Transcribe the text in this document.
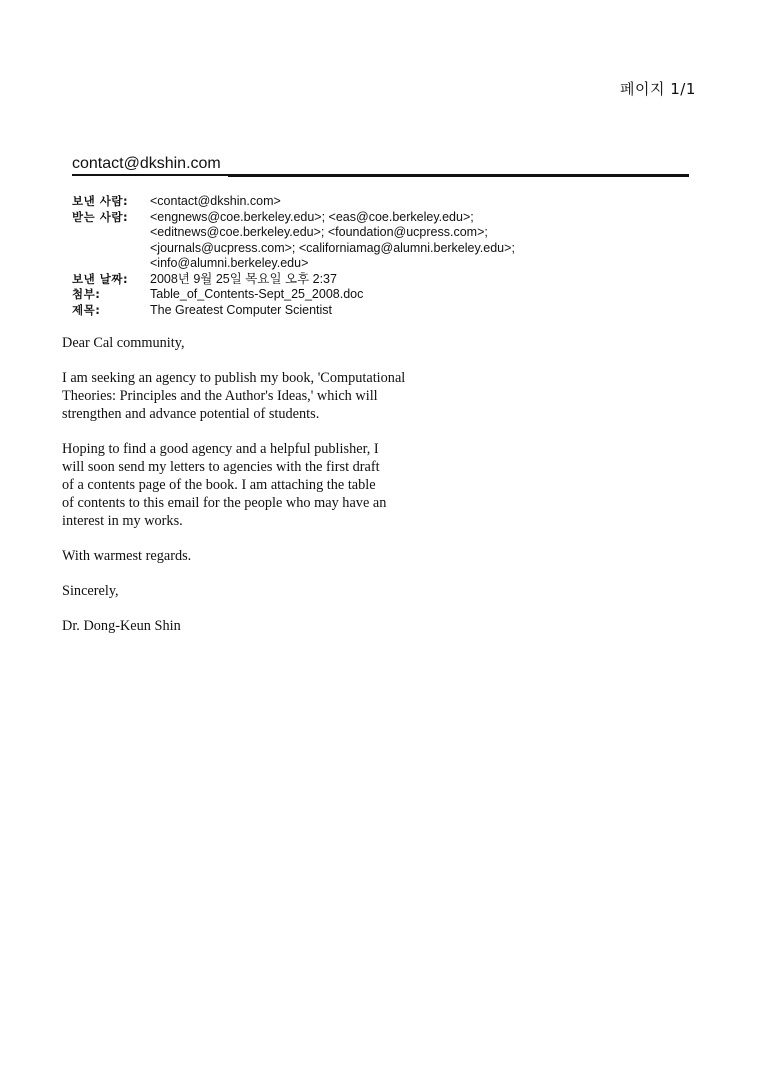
페이지 1/1
contact@dkshin.com
보낸 사람:	<contact@dkshin.com>
받는 사람:	<engnews@coe.berkeley.edu>; <eas@coe.berkeley.edu>;
<editnews@coe.berkeley.edu>; <foundation@ucpress.com>;
<journals@ucpress.com>; <californiamag@alumni.berkeley.edu>;
<info@alumni.berkeley.edu>
보낸 날짜:	2008년 9월 25일 목요일 오후 2:37
첨부:	Table_of_Contents-Sept_25_2008.doc
제목:	The Greatest Computer Scientist

Dear Cal community,

I am seeking an agency to publish my book, 'Computational
Theories: Principles and the Author's Ideas,' which will
strengthen and advance potential of students.

Hoping to find a good agency and a helpful publisher, I
will soon send my letters to agencies with the first draft
of a contents page of the book. I am attaching the table
of contents to this email for the people who may have an
interest in my works.

With warmest regards.

Sincerely,

Dr. Dong-Keun Shin
